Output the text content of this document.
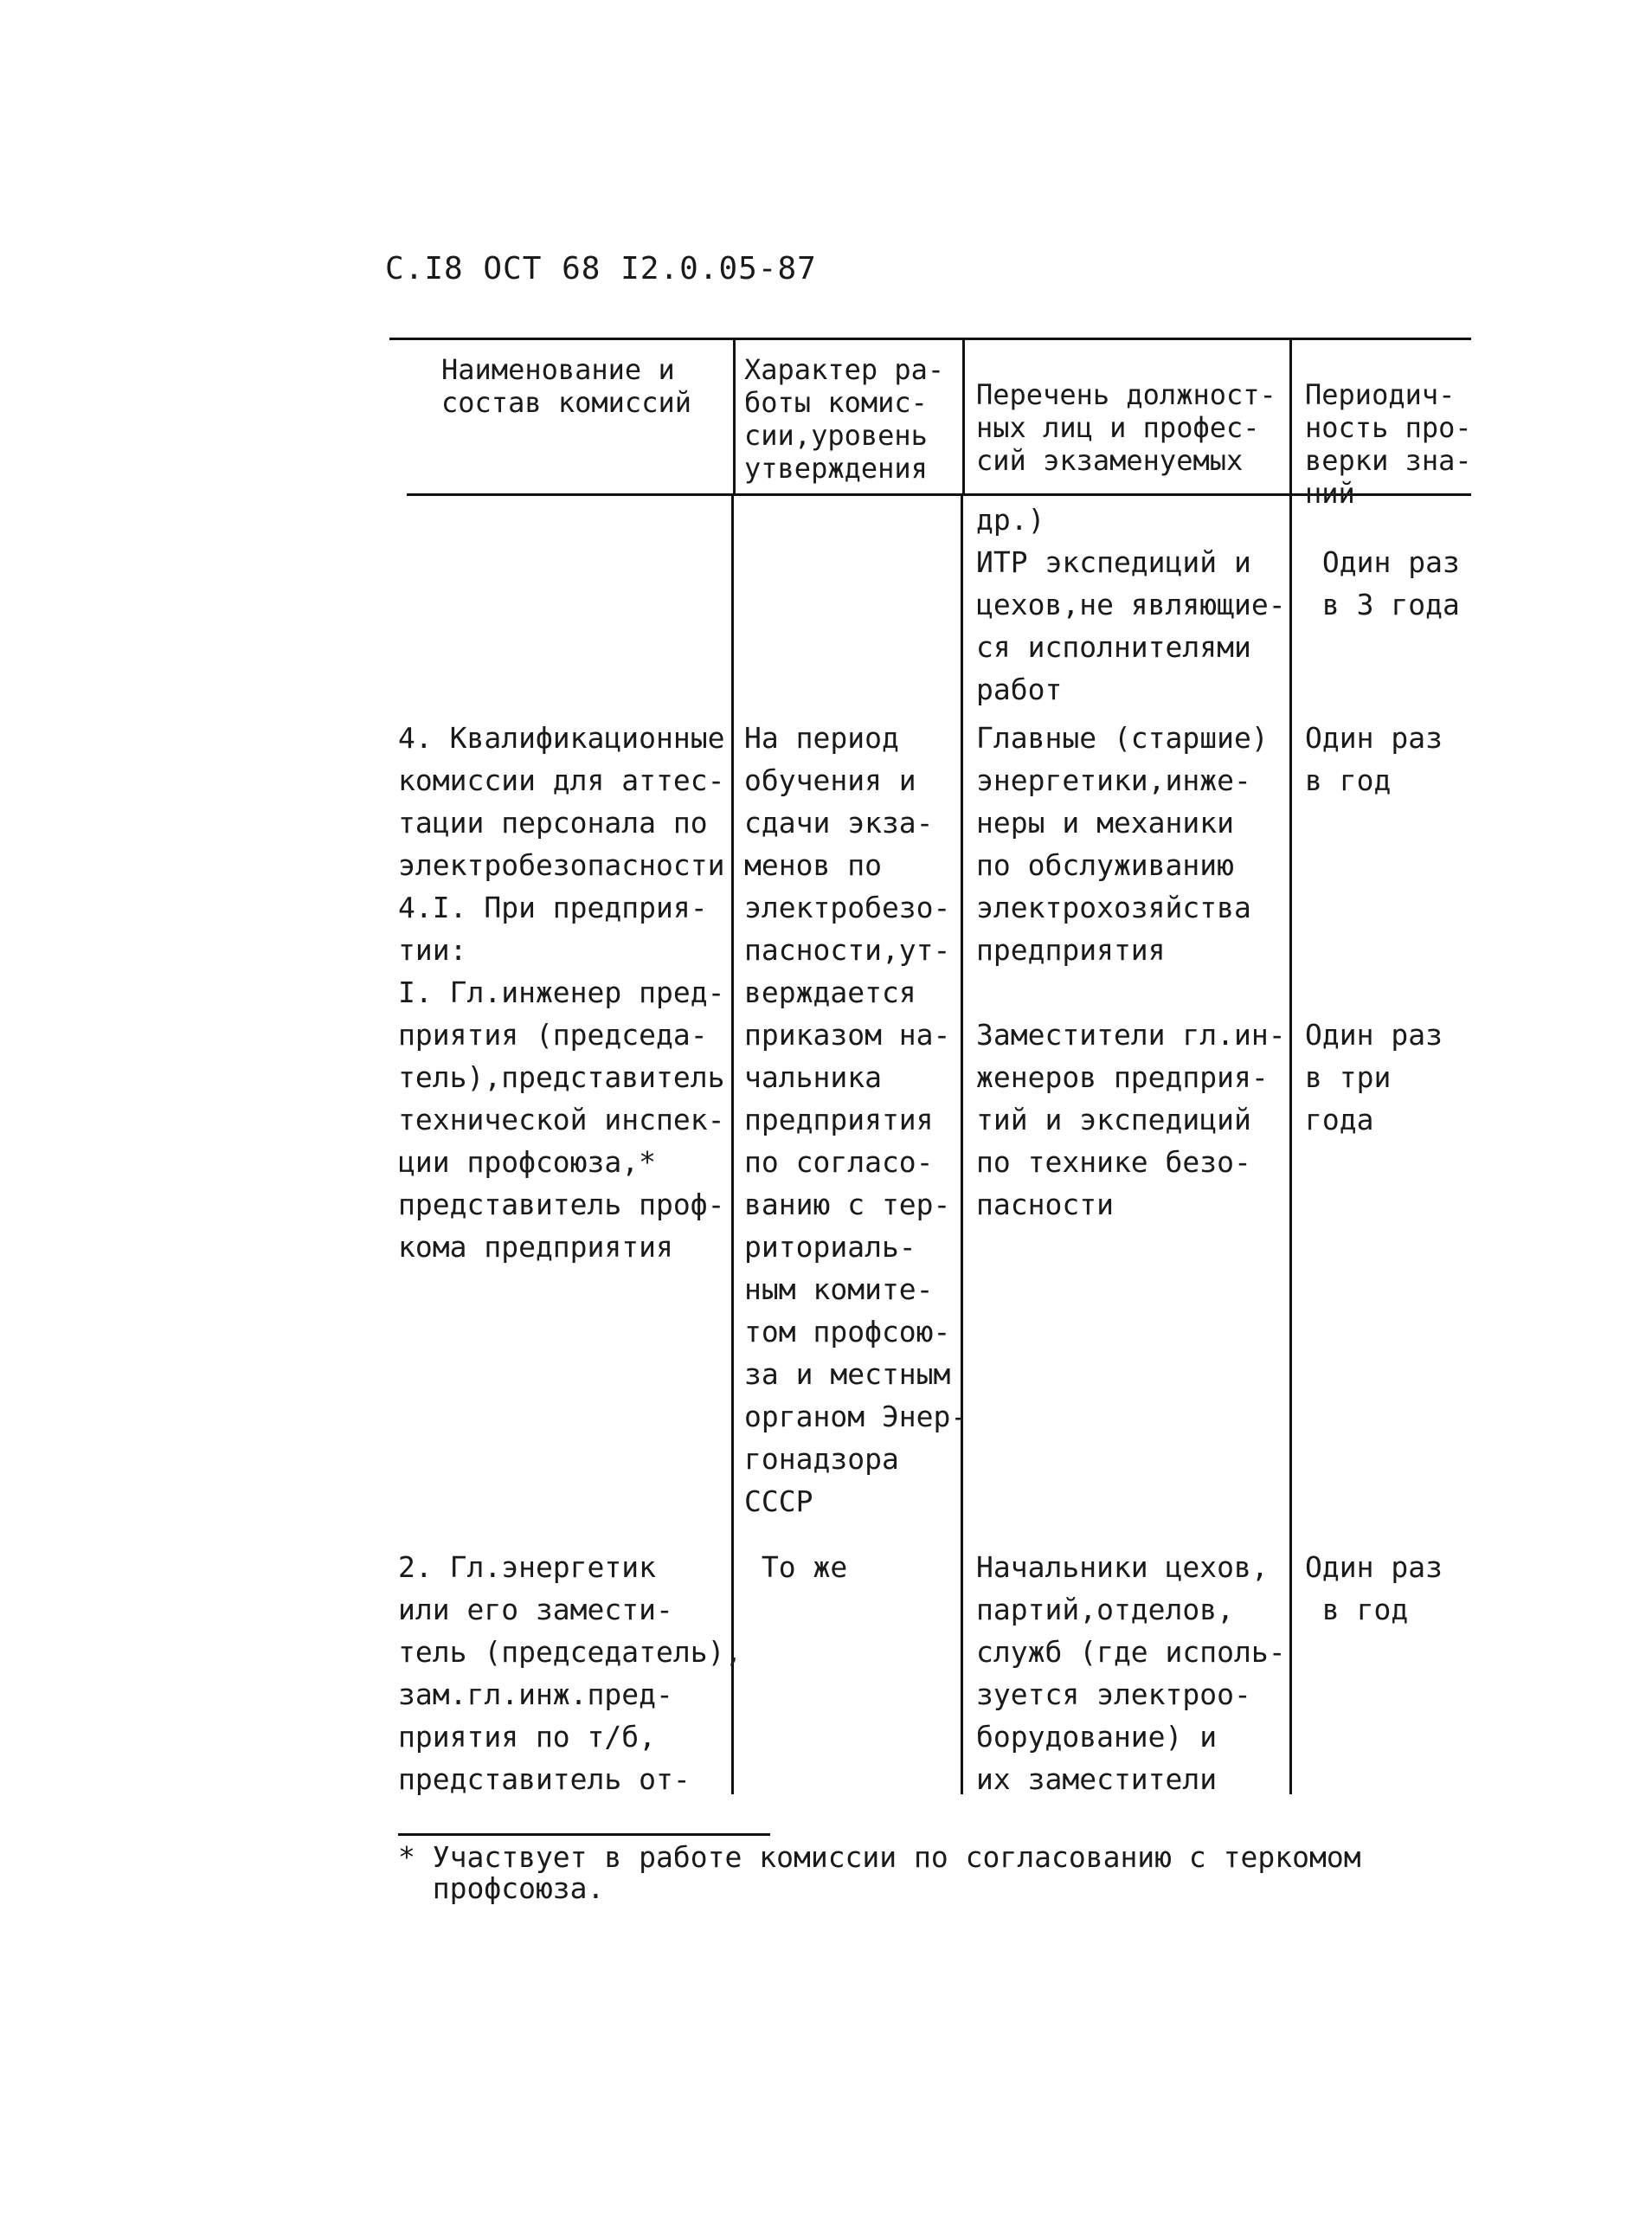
С.I8 ОСТ 68 I2.0.05-87
Наименование и
состав комиссий
Характер ра-
боты комис-
сии,уровень
утверждения
Перечень должност-
ных лиц и профес-
сий экзаменуемых
Периодич-
ность про-
верки зна-
ний
др.)
ИТР экспедиций и
цехов,не являющие-
ся исполнителями
работ

Один раз
в 3 года
4. Квалификационные
комиссии для аттес-
тации персонала по
электробезопасности
4.I. При предприя-
тии:
I. Гл.инженер пред-
приятия (председа-
тель),представитель
технической инспек-
ции профсоюза,*
представитель проф-
кома предприятия
На период
обучения и
сдачи экза-
менов по
электробезо-
пасности,ут-
верждается
приказом на-
чальника
предприятия
по согласо-
ванию с тер-
риториаль-
ным комите-
том профсою-
за и местным
органом Энер-
гонадзора
СССР
Главные (старшие)
энергетики,инже-
неры и механики
по обслуживанию
электрохозяйства
предприятия

Заместители гл.ин-
женеров предприя-
тий и экспедиций
по технике безо-
пасности
Один раз
в год

Один раз
в три
года
2. Гл.энергетик
или его замести-
тель (председатель),
зам.гл.инж.пред-
приятия по т/б,
представитель от-
То же	Начальники цехов,
партий,отделов,
служб (где исполь-
зуется электроо-
борудование) и
их заместители
Один раз
в год
* Участвует в работе комиссии по согласованию с теркомом
профсоюза.
